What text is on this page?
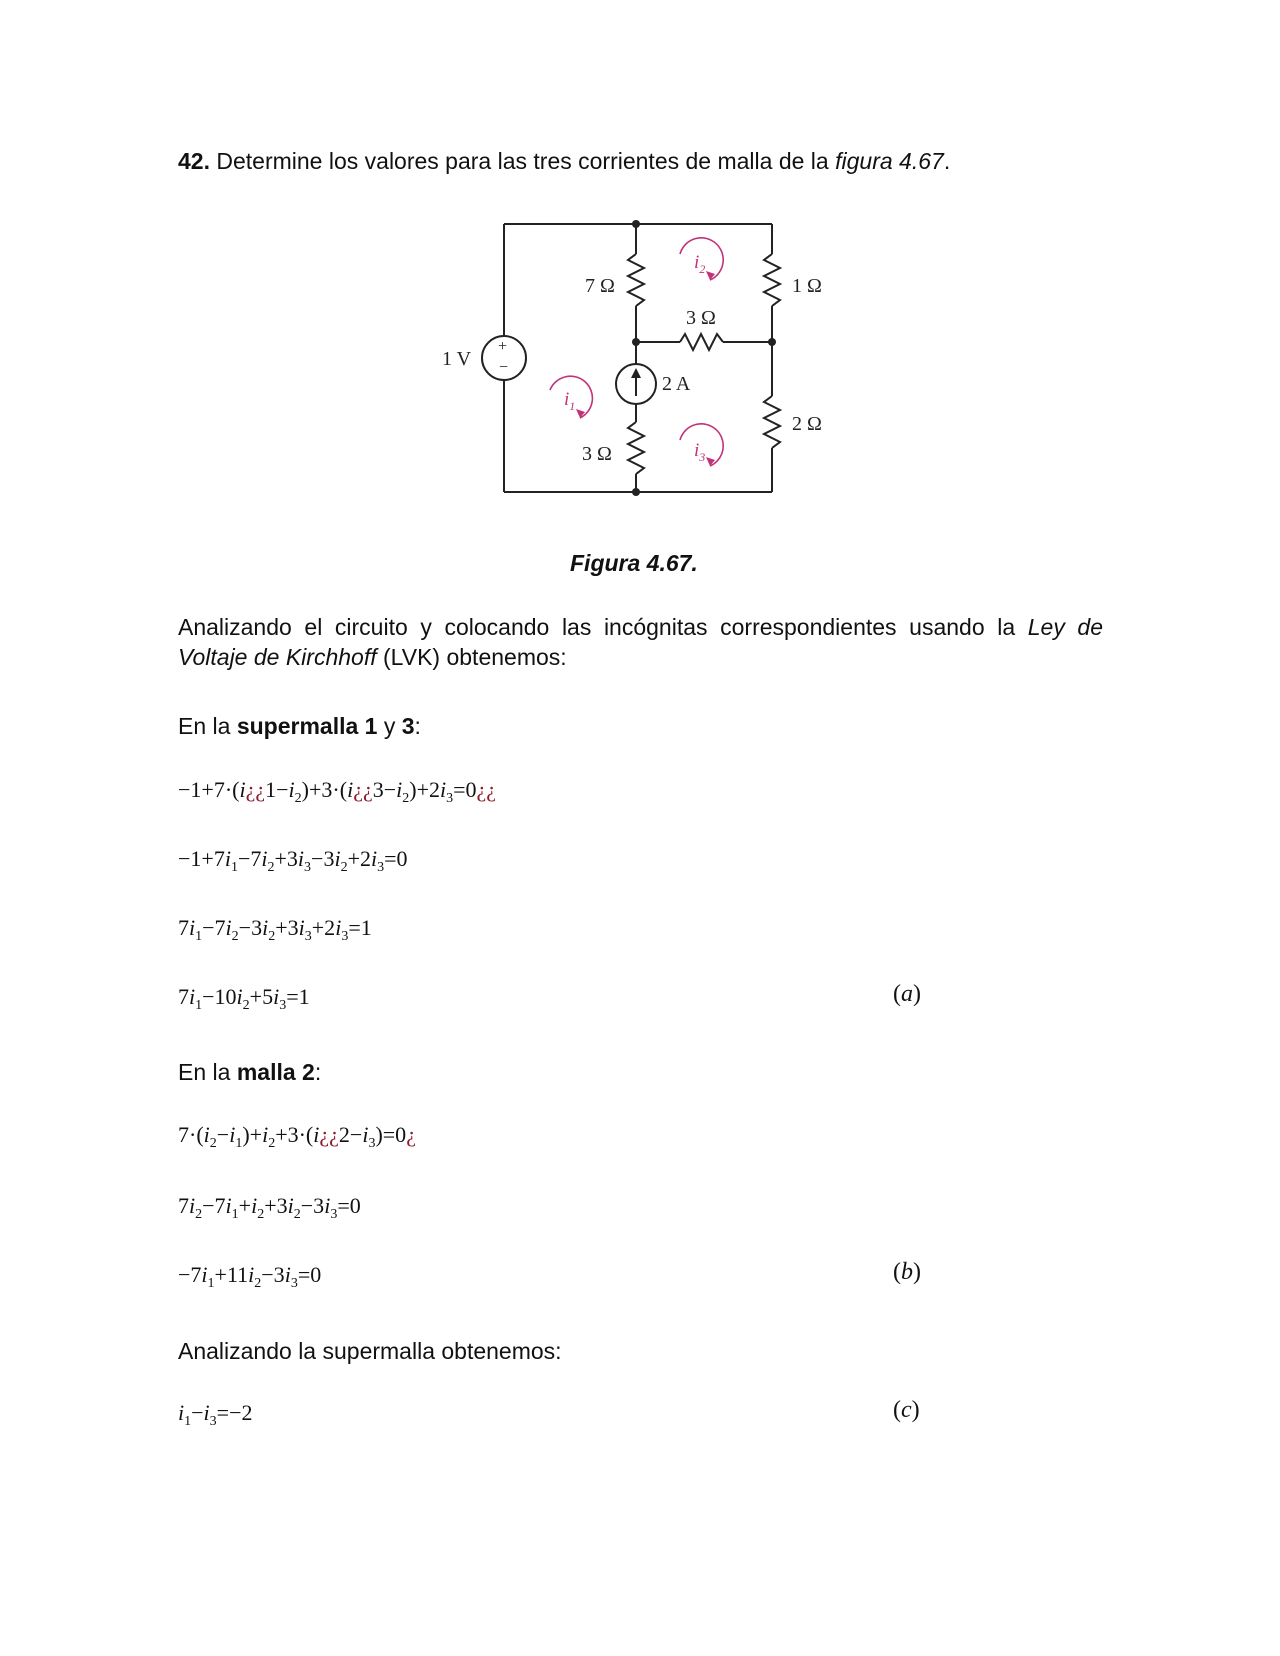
42. Determine los valores para las tres corrientes de malla de la figura 4.67.
+
−
7 Ω	1 Ω
3 Ω
1 V
2 A
2 Ω
3 Ω
$i_1$
$i_2$
$i_3$
Figura 4.67.
Analizando el circuito y colocando las incógnitas correspondientes usando la Ley de Voltaje de Kirchhoff (LVK) obtenemos:
En la supermalla 1 y 3:
$-1+7\cdot(i¿¿1-i_2)+3\cdot(i¿¿3-i_2)+2i_3=0¿¿$
$-1+7i_1-7i_2+3i_3-3i_2+2i_3=0$
$7i_1-7i_2-3i_2+3i_3+2i_3=1$
$7i_1-10i_2+5i_3=1$	(a)
En la malla 2:
$7\cdot(i_2-i_1)+i_2+3\cdot(i¿¿2-i_3)=0¿$
$7i_2-7i_1+i_2+3i_2-3i_3=0$
$-7i_1+11i_2-3i_3=0$	(b)
Analizando la supermalla obtenemos:
$i_1-i_3=-2$	(c)
